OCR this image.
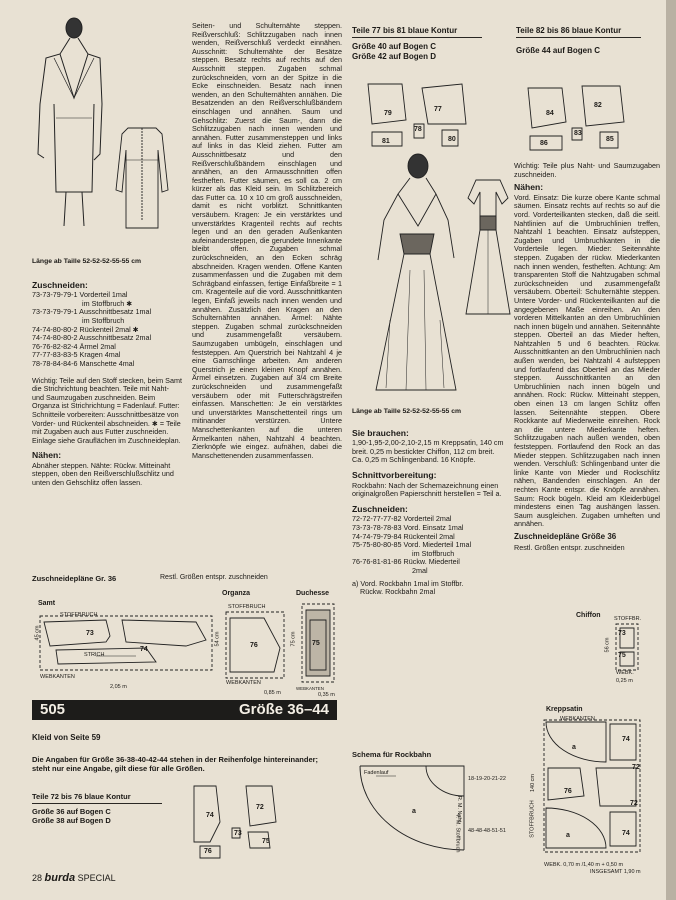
Länge ab Taille 52-52-52-55-55 cm
Zuschneiden:
73-73-79-79-1 Vorderteil 1mal
im Stoffbruch ✱
73-73-79-79-1 Ausschnittbesatz 1mal
im Stoffbruch
74-74-80-80-2 Rückenteil 2mal ✱
74-74-80-80-2 Ausschnittbesatz 2mal
76-76-82-82-4 Ärmel 2mal
77-77-83-83-5 Kragen 4mal
78-78-84-84-6 Manschette 4mal

Wichtig: Teile auf den Stoff stecken, beim Samt die Strichrichtung beachten. Teile mit Naht- und Saumzugaben zuschneiden. Beim Organza ist Strichrichtung = Fadenlauf. Futter: Schnitteile vorbereiten: Ausschnittbesätze von Vorder- und Rückenteil abschneiden. ✱ = Teile mit Zugaben auch aus Futter zuschneiden. Einlage siehe Grauflächen im Zuschneideplan.

Nähen:

Abnäher steppen. Nähte: Rückw. Mitteinaht steppen, oben den Reißverschlußschlitz und unten den Gehschlitz offen lassen.

Seiten- und Schulternähte steppen. Reißverschluß: Schlitzzugaben nach innen wenden, Reißverschluß verdeckt einnähen. Ausschnitt: Schulternähte der Besätze steppen. Besatz rechts auf rechts auf den Ausschnitt steppen. Zugaben schmal zurückschneiden, vorn an der Spitze in die Ecke einschneiden. Besatz nach innen wenden, an den Schulternähten annähen. Die Besatzenden an den Reißverschlußbändern einschlagen und annähen. Saum und Gehschlitz: Zuerst die Saum-, dann die Schlitzzugaben nach innen wenden und annähen. Futter zusammensteppen und links auf links in das Kleid ziehen. Futter am Ausschnittbesatz und den Reißverschlußbändern einschlagen und annähen, an den Armausschnitten offen festheften. Futter säumen, es soll ca. 2 cm kürzer als das Kleid sein. Im Schlitzbereich das Futter ca. 10 x 10 cm groß ausschneiden, damit es nicht vorblitzt. Schnittkanten versäubern. Kragen: Je ein verstärktes und unverstärktes Kragenteil rechts auf rechts legen und an den geraden Außenkanten aufeinandersteppen, die gerundete Innenkante bleibt offen. Zugaben schmal zurückschneiden, an den Ecken schräg abschneiden. Kragen wenden. Offene Kanten zusammenfassen und die Zugaben mit dem Schrägband einfassen, fertige Einfaßbreite = 1 cm. Kragenteile auf die vord. Ausschnittkanten legen, Einfaß jeweils nach innen wenden und annähen. Zusätzlich den Kragen an den Schulternähten annähen. Ärmel: Nähte steppen. Zugaben schmal zurückschneiden und zusammengefaßt versäubern. Saumzugaben umbügeln, einschlagen und feststeppen. Am Querstrich bei Nahtzahl 4 je eine Garnschlinge arbeiten. Am anderen Querstrich je einen kleinen Knopf annähen. Ärmel einsetzen. Zugaben auf 3/4 cm Breite zurückschneiden und zusammengefaßt versäubern oder mit Futterschrägstreifen einfassen. Manschetten: Je ein verstärktes und unverstärktes Manschettenteil rings um mitinander verstürzen. Untere Manschettenkanten auf die unteren Ärmelkanten nähen, Nahtzahl 4 beachten. Zierknöpfe wie eingez. aufnähen, dabei die Manschettenenden zusammenfassen.

Zuschneidepläne Gr. 36	Restl. Größen entspr. zuschneiden
Samt
Organza	Duchesse
STOFFBRUCH
STRICH
WEBKANTEN
2,05 m
45 cm	73
74
STOFFBRUCH
76
WEBKANTEN
0,85 m
54 cm	75
WEBKANTEN
0,35 m
75 cm
505	Größe 36–44
Kleid von Seite 59

Die Angaben für Größe 36-38-40-42-44 stehen in der Reihenfolge hintereinander; steht nur eine Angabe, gilt diese für alle Größen.

Teile 72 bis 76 blaue Kontur
Größe 36 auf Bogen C
Größe 38 auf Bogen D
74
72
73
75
76
Teile 77 bis 81 blaue Kontur
Größe 40 auf Bogen C
Größe 42 auf Bogen D
79
77
81
78
80
Länge ab Taille 52-52-52-55-55 cm
Sie brauchen:

1,90-1,95-2,00-2,10-2,15 m Kreppsatin, 140 cm breit. 0,25 m bestickter Chiffon, 112 cm breit. Ca. 0,25 m Schlingenband. 16 Knöpfe.

Schnittvorbereitung:

Rockbahn: Nach der Schemazeichnung einen originalgroßen Papierschnitt herstellen = Teil a.

Zuschneiden:
72-72-77-77-82 Vorderteil 2mal
73-73-78-78-83 Vord. Einsatz 1mal
74-74-79-79-84 Rückenteil 2mal
75-75-80-80-85 Vord. Miederteil 1mal
im Stoffbruch
76-76-81-81-86 Rückw. Miederteil
2mal
a) Vord. Rockbahn 1mal im Stoffbr.
Rückw. Rockbahn 2mal
Schema für Rockbahn
Fadenlauf
18-19-20-21-22
48-48-48-51-51
a	R. M. Naht
V. M. Stoffbruch
Teile 82 bis 86 blaue Kontur
Größe 44 auf Bogen C
84
82
86
83
85

Wichtig: Teile plus Naht- und Saumzugaben zuschneiden.

Nähen:

Vord. Einsatz: Die kurze obere Kante schmal säumen. Einsatz rechts auf rechts so auf die vord. Vorderteilkanten stecken, daß die seitl. Nahtlinien auf die Umbruchlinien treffen, Nahtzahl 1 beachten. Einsatz aufsteppen, Zugaben und Umbruchkanten in die Vorderteile legen. Mieder: Seitennähte steppen. Zugaben der rückw. Miederkanten nach innen wenden, festheften. Achtung: Am transparenten Stoff die Nahtzugaben schmal zurückschneiden und zusammengefaßt versäubern. Oberteil: Schulternähte steppen. Untere Vorder- und Rückenteilkanten auf die angegebenen Maße einreihen. An den vorderen Mittelkanten an den Umbruchlinien nach innen bügeln und annähen. Seitennähte steppen. Oberteil an das Mieder heften, Nahtzahlen 5 und 6 beachten. Rückw. Ausschnittkanten an den Umbruchlinien nach außen wenden, bei Nahtzahl 4 aufsteppen und fortlaufend das Oberteil an das Mieder steppen. Ausschnittkanten an den Umbruchlinien nach innen bügeln und annähen. Rock: Rückw. Mitteinaht steppen, oben einen 13 cm langen Schlitz offen lassen. Seitennähte steppen. Obere Rockkante auf Miederweite einreihen. Rock an die untere Miederkante heften. Schlitzzugaben nach außen wenden, oben feststeppen. Fortlaufend den Rock an das Mieder steppen. Schlitzzugaben nach innen wenden. Verschluß: Schlingenband unter die linke Kante von Mieder und Rockschlitz nähen, Bandenden einschlagen. An der rechten Kante entspr. die Knöpfe annähen. Saum: Rock bügeln. Kleid am Kleiderbügel mindestens einen Tag aushängen lassen. Saum ausgleichen. Zugaben umheften und annähen.

Zuschneidepläne Größe 36
Restl. Größen entspr. zuschneiden
Chiffon STOFFBR.
WEBK.
0,25 m
56 cm
73
75
Kreppsatin
WEBKANTEN
a
74
72
76
72
a	74
WEBK. 0,70 m /1,40 m + 0,50 m
INSGESAMT 1,90 m
140 cm
STOFFBRUCH
28 burda SPECIAL
